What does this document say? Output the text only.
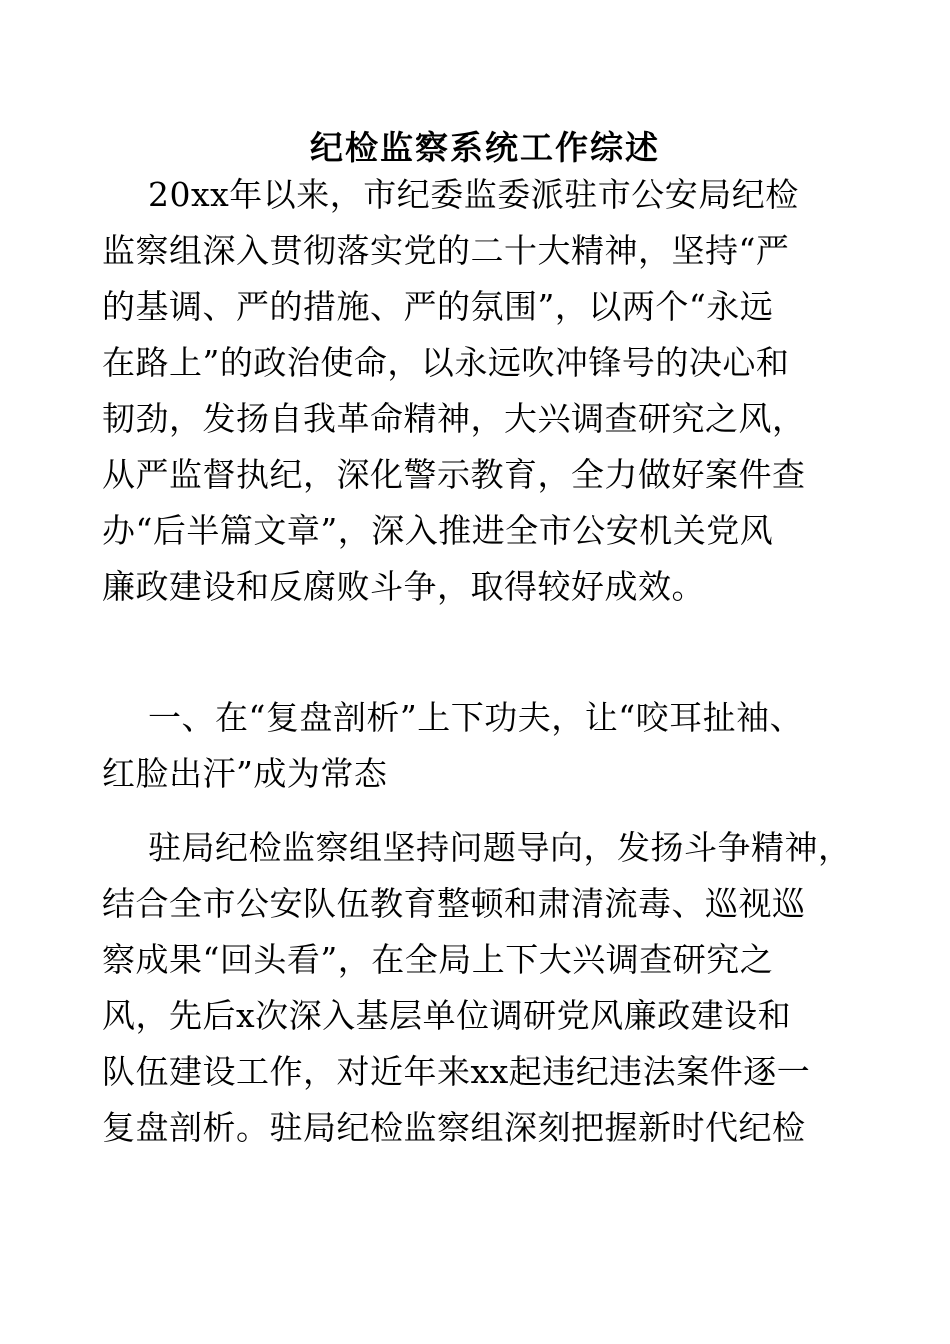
纪检监察系统工作综述
20xx年以来，市纪委监委派驻市公安局纪检
监察组深入贯彻落实党的二十大精神，坚持“严
的基调、严的措施、严的氛围”，以两个“永远
在路上”的政治使命，以永远吹冲锋号的决心和
韧劲，发扬自我革命精神，大兴调查研究之风，
从严监督执纪，深化警示教育，全力做好案件查
办“后半篇文章”，深入推进全市公安机关党风
廉政建设和反腐败斗争，取得较好成效。
一、在“复盘剖析”上下功夫，让“咬耳扯袖、
红脸出汗”成为常态
驻局纪检监察组坚持问题导向，发扬斗争精神，
结合全市公安队伍教育整顿和肃清流毒、巡视巡
察成果“回头看”，在全局上下大兴调查研究之
风，先后x次深入基层单位调研党风廉政建设和
队伍建设工作，对近年来xx起违纪违法案件逐一
复盘剖析。驻局纪检监察组深刻把握新时代纪检
